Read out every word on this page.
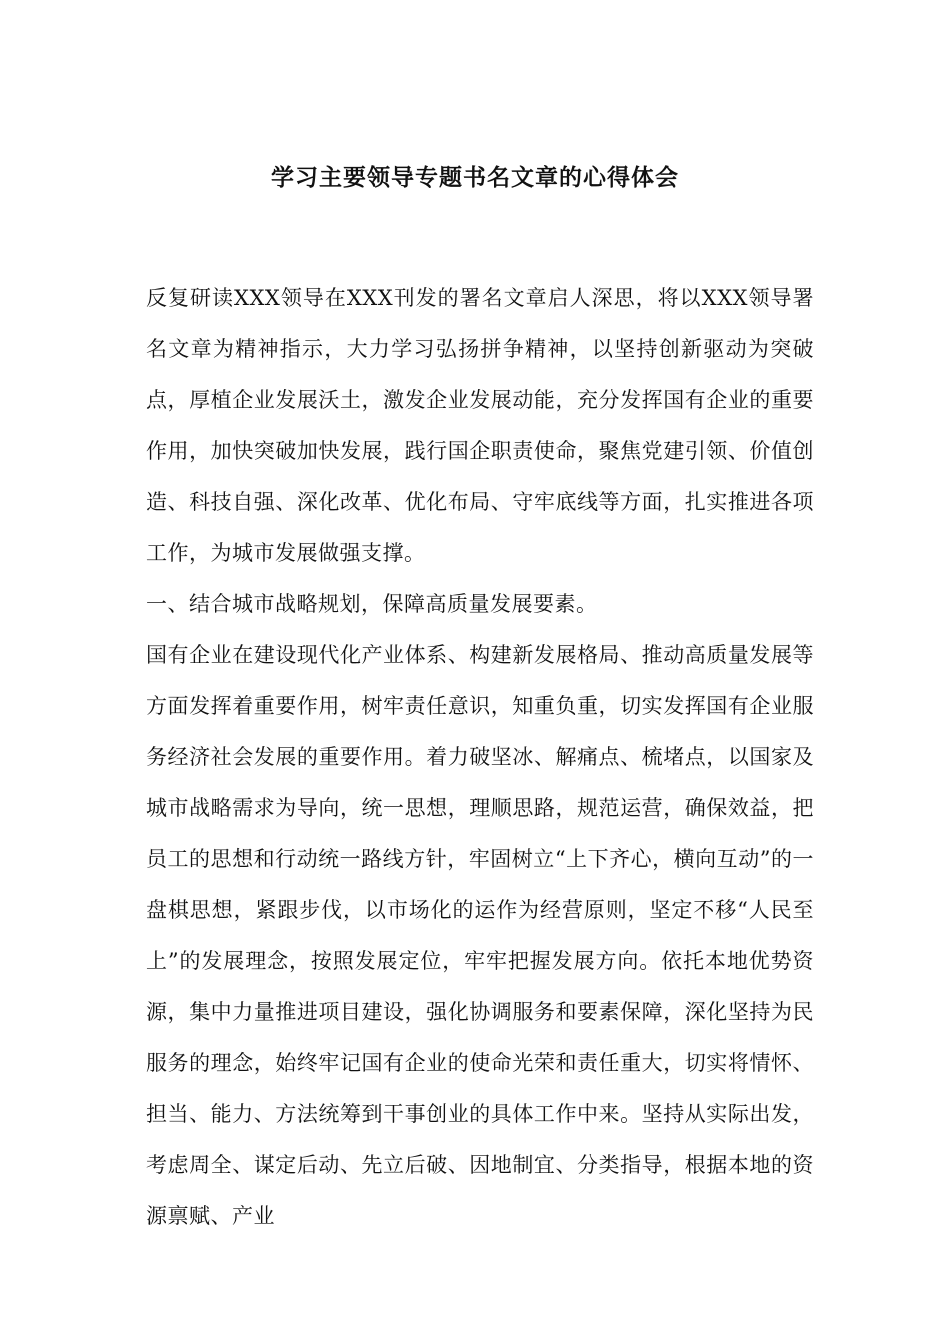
学习主要领导专题书名文章的心得体会

反复研读XXX领导在XXX刊发的署名文章启人深思，将以XXX领导署名文章为精神指示，大力学习弘扬拼争精神，以坚持创新驱动为突破点，厚植企业发展沃土，激发企业发展动能，充分发挥国有企业的重要作用，加快突破加快发展，践行国企职责使命，聚焦党建引领、价值创造、科技自强、深化改革、优化布局、守牢底线等方面，扎实推进各项工作，为城市发展做强支撑。

一、结合城市战略规划，保障高质量发展要素。

国有企业在建设现代化产业体系、构建新发展格局、推动高质量发展等方面发挥着重要作用，树牢责任意识，知重负重，切实发挥国有企业服务经济社会发展的重要作用。着力破坚冰、解痛点、梳堵点，以国家及城市战略需求为导向，统一思想，理顺思路，规范运营，确保效益，把员工的思想和行动统一路线方针，牢固树立“上下齐心，横向互动”的一盘棋思想，紧跟步伐，以市场化的运作为经营原则，坚定不移“人民至上”的发展理念，按照发展定位，牢牢把握发展方向。依托本地优势资源，集中力量推进项目建设，强化协调服务和要素保障，深化坚持为民服务的理念，始终牢记国有企业的使命光荣和责任重大，切实将情怀、担当、能力、方法统筹到干事创业的具体工作中来。坚持从实际出发，考虑周全、谋定后动、先立后破、因地制宜、分类指导，根据本地的资源禀赋、产业
